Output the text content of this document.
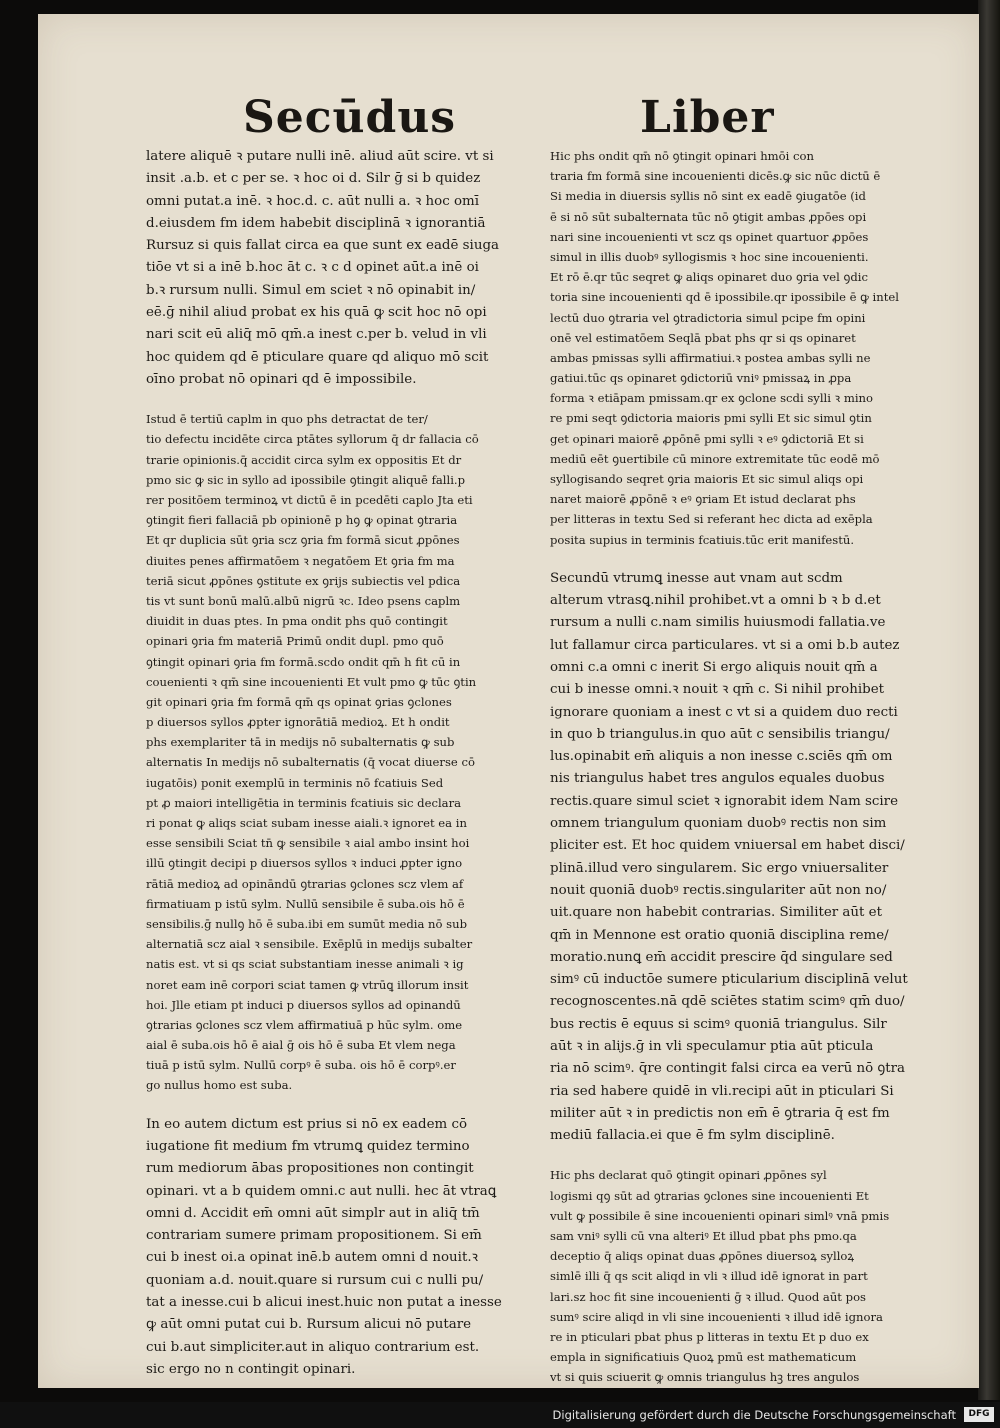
Secūdus	Liber
latere aliquē ꝛ putare nulli inē. aliud aūt scire. vt si
insit .a.b. et c per se. ꝛ hoc oi d. Silr ḡ si b quidez
omni putat.a inē. ꝛ hoc.d. c. aūt nulli a. ꝛ hoc omī
d.eiusdem fm idem habebit disciplinā ꝛ ignorantiā
Rursuz si quis fallat circa ea que sunt ex eadē siuga
tiōe vt si a inē b.hoc āt c. ꝛ c d opinet aūt.a inē oi
b.ꝛ rursum nulli. Simul em sciet ꝛ nō opinabit in/
eē.ḡ nihil aliud probat ex his quā ꝙ scit hoc nō opi
nari scit eū aliq̄ mō qm̄.a inest c.per b. velud in vli
hoc quidem qd ē pticulare quare qd aliquo mō scit
oīno probat nō opinari qd ē impossibile.
Istud ē tertiū caplm in quo phs detractat de ter/
tio defectu incidēte circa ptātes syllorum q̄ dr fallacia cō
trarie opinionis.q̄ accidit circa sylm ex oppositis Et dr
pmo sic ꝙ sic in syllo ad ipossibile ꝯtingit aliquē falli.p
rer positōem terminoꝝ vt dictū ē in pcedēti caplo Jta eti
ꝯtingit fieri fallaciā pb opinionē p hꝯ ꝙ opinat ꝯtraria
Et qr duplicia sūt ꝯria scz ꝯria fm formā sicut ꝓpōnes
diuites penes affirmatōem ꝛ negatōem Et ꝯria fm ma
teriā sicut ꝓpōnes ꝯstitute ex ꝯrijs subiectis vel pdica
tis vt sunt bonū malū.albū nigrū ꝛc. Ideo psens caplm
diuidit in duas ptes. In pma ondit phs quō contingit
opinari ꝯria fm materiā Primū ondit dupl. pmo quō
ꝯtingit opinari ꝯria fm formā.scdo ondit qm̄ h fit cū in
couenienti ꝛ qm̄ sine incouenienti Et vult pmo ꝙ tūc ꝯtin
git opinari ꝯria fm formā qm̄ qs opinat ꝯrias ꝯclones
p diuersos syllos ꝓpter ignorātiā medioꝝ. Et h ondit
phs exemplariter tā in medijs nō subalternatis ꝙ sub
alternatis In medijs nō subalternatis (q̄ vocat diuerse cō
iugatōis) ponit exemplū in terminis nō fcatiuis Sed
pt ꝓ maiori intelligētia in terminis fcatiuis sic declara
ri ponat ꝙ aliqs sciat subam inesse aiali.ꝛ ignoret ea in
esse sensibili Sciat tn̄ ꝙ sensibile ꝛ aial ambo insint hoi
illū ꝯtingit decipi p diuersos syllos ꝛ induci ꝓpter igno
rātiā medioꝝ ad opināndū ꝯtrarias ꝯclones scz vlem af
firmatiuam p istū sylm. Nullū sensibile ē suba.ois hō ē
sensibilis.ḡ nullꝯ hō ē suba.ibi em sumūt media nō sub
alternatiā scz aial ꝛ sensibile. Exēplū in medijs subalter
natis est. vt si qs sciat substantiam inesse animali ꝛ ig
noret eam inē corpori sciat tamen ꝙ vtrūꝗ illorum insit
hoi. Jlle etiam pt induci p diuersos syllos ad opinandū
ꝯtrarias ꝯclones scz vlem affirmatiuā p hūc sylm. ome
aial ē suba.ois hō ē aial ḡ ois hō ē suba Et vlem nega
tiuā p istū sylm. Nullū corpꝰ ē suba. ois hō ē corpꝰ.er
go nullus homo est suba.
In eo autem dictum est prius si nō ex eadem cō
iugatione fit medium fm vtrumꝗ quidez termino
rum mediorum ābas propositiones non contingit
opinari. vt a b quidem omni.c aut nulli. hec āt vtraꝗ
omni d. Accidit em̄ omni aūt simplr aut in aliq̄ tm̄
contrariam sumere primam propositionem. Si em̄
cui b inest oi.a opinat inē.b autem omni d nouit.ꝛ
quoniam a.d. nouit.quare si rursum cui c nulli pu/
tat a inesse.cui b alicui inest.huic non putat a inesse
ꝙ aūt omni putat cui b. Rursum alicui nō putare
cui b.aut simpliciter.aut in aliquo contrarium est.
sic ergo no n contingit opinari.
Hic phs ondit qm̄ nō ꝯtingit opinari hmōi con
traria fm formā sine incouenienti dicēs.ꝙ sic nūc dictū ē
Si media in diuersis syllis nō sint ex eadē ꝯiugatōe (id
ē si nō sūt subalternata tūc nō ꝯtigit ambas ꝓpōes opi
nari sine incouenienti vt scz qs opinet quartuor ꝓpōes
simul in illis duobꝰ syllogismis ꝛ hoc sine incouenienti.
Et rō ē.qr tūc seqret ꝙ aliqs opinaret duo ꝯria vel ꝯdic
toria sine incouenienti qd ē ipossibile.qr ipossibile ē ꝙ intel
lectū duo ꝯtraria vel ꝯtradictoria simul pcipe fm opini
onē vel estimatōem Seqlā pbat phs qr si qs opinaret
ambas pmissas sylli affirmatiui.ꝛ postea ambas sylli ne
gatiui.tūc qs opinaret ꝯdictoriū vniꝰ pmissaꝝ in ꝓpa
forma ꝛ etiāpam pmissam.qr ex ꝯclone scdi sylli ꝛ mino
re pmi seqt ꝯdictoria maioris pmi sylli Et sic simul ꝯtin
get opinari maiorē ꝓpōnē pmi sylli ꝛ eꝰ ꝯdictoriā Et si
mediū eēt ꝯuertibile cū minore extremitate tūc eodē mō
syllogisando seqret ꝯria maioris Et sic simul aliqs opi
naret maiorē ꝓpōnē ꝛ eꝰ ꝯriam Et istud declarat phs
per litteras in textu Sed si referant hec dicta ad exēpla
posita supius in terminis fcatiuis.tūc erit manifestū.
Secundū vtrumꝗ inesse aut vnam aut scdm
alterum vtrasꝗ.nihil prohibet.vt a omni b ꝛ b d.et
rursum a nulli c.nam similis huiusmodi fallatia.ve
lut fallamur circa particulares. vt si a omi b.b autez
omni c.a omni c inerit Si ergo aliquis nouit qm̄ a
cui b inesse omni.ꝛ nouit ꝛ qm̄ c. Si nihil prohibet
ignorare quoniam a inest c vt si a quidem duo recti
in quo b triangulus.in quo aūt c sensibilis triangu/
lus.opinabit em̄ aliquis a non inesse c.sciēs qm̄ om
nis triangulus habet tres angulos equales duobus
rectis.quare simul sciet ꝛ ignorabit idem Nam scire
omnem triangulum quoniam duobꝰ rectis non sim
pliciter est. Et hoc quidem vniuersal em habet disci/
plinā.illud vero singularem. Sic ergo vniuersaliter
nouit quoniā duobꝰ rectis.singulariter aūt non no/
uit.quare non habebit contrarias. Similiter aūt et
qm̄ in Mennone est oratio quoniā disciplina reme/
moratio.nunꝗ em̄ accidit prescire q̄d singulare sed
simꝰ cū inductōe sumere pticularium disciplinā velut
recognoscentes.nā qdē sciētes statim scimꝰ qm̄ duo/
bus rectis ē equus si scimꝰ quoniā triangulus. Silr
aūt ꝛ in alijs.ḡ in vli speculamur ptia aūt pticula
ria nō scimꝰ. q̄re contingit falsi circa ea verū nō ꝯtra
ria sed habere quidē in vli.recipi aūt in pticulari Si
militer aūt ꝛ in predictis non em̄ ē ꝯtraria q̄ est fm
mediū fallacia.ei que ē fm sylm disciplinē.
Hic phs declarat quō ꝯtingit opinari ꝓpōnes syl
logismi qꝯ sūt ad ꝯtrarias ꝯclones sine incouenienti Et
vult ꝙ possibile ē sine incouenienti opinari simlꝰ vnā pmis
sam vniꝰ sylli cū vna alteriꝰ Et illud pbat phs pmo.qa
deceptio q̄ aliqs opinat duas ꝓpōnes diuersoꝝ sylloꝝ
simlē illi q̄ qs scit aliqd in vli ꝛ illud idē ignorat in part
lari.sz hoc fit sine incouenienti ḡ ꝛ illud. Quod aūt pos
sumꝰ scire aliqd in vli sine incouenienti ꝛ illud idē ignora
re in pticulari pbat phus p litteras in textu Et p duo ex
empla in significatiuis Quoꝝ pmū est mathematicum
vt si quis sciuerit ꝙ omnis triangulus hꝫ tres angulos
Digitalisierung gefördert durch die Deutsche Forschungsgemeinschaft	DFG
